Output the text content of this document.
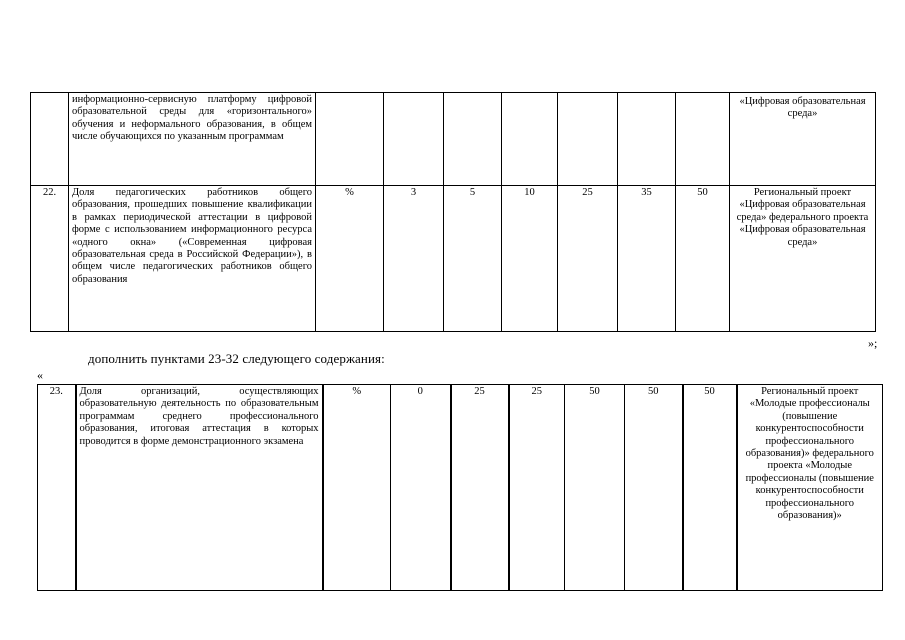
	информационно-сервисную платформу цифровой образовательной среды для «горизонтального» обучения и неформального образования, в общем числе обучающихся по указанным программам								«Цифровая образовательная среда»
22.	Доля педагогических работников общего образования, прошедших повышение квалификации в рамках периодической аттестации в цифровой форме с использованием информационного ресурса «одного окна» («Современная цифровая образовательная среда в Российской Федерации»), в общем числе педагогических работников общего образования	%	3	5	10	25	35	50	Региональный проект «Цифровая образовательная среда» федерального проекта «Цифровая образовательная среда»
»;
дополнить пунктами 23-32 следующего содержания:
«
23.	Доля организаций, осуществляющих образовательную деятельность по образовательным программам среднего профессионального образования, итоговая аттестация в которых проводится в форме демонстрационного экзамена	%	0	25	25	50	50	50	Региональный проект «Молодые профессионалы (повышение конкурентоспособности профессионального образования)» федерального проекта «Молодые профессионалы (повышение конкурентоспособности профессионального образования)»
